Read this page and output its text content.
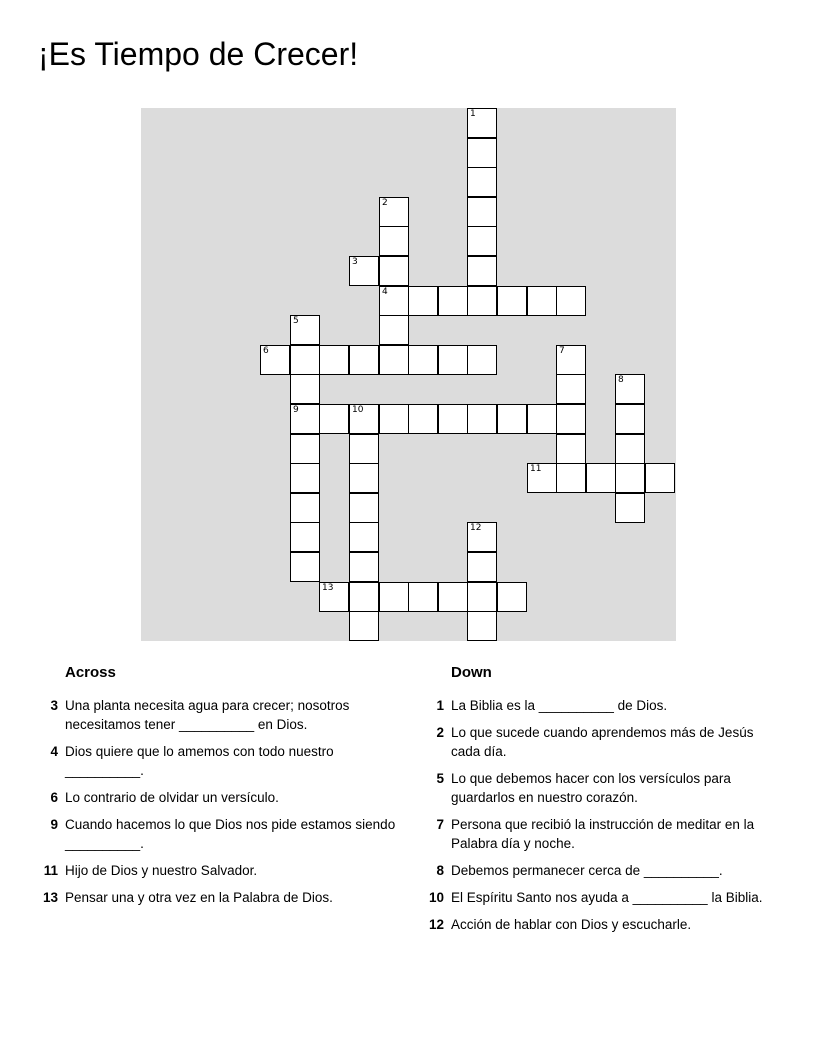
¡Es Tiempo de Crecer!
1
2
4
3
5
9
6	7
8
10
11
12
13
Across
3 Una planta necesita agua para crecer; nosotros necesitamos tener __________ en Dios.
4 Dios quiere que lo amemos con todo nuestro __________.
6 Lo contrario de olvidar un versículo.
9 Cuando hacemos lo que Dios nos pide estamos siendo __________.
11 Hijo de Dios y nuestro Salvador.
13 Pensar una y otra vez en la Palabra de Dios.
Down
1 La Biblia es la __________ de Dios.
2 Lo que sucede cuando aprendemos más de Jesús cada día.
5 Lo que debemos hacer con los versículos para guardarlos en nuestro corazón.
7 Persona que recibió la instrucción de meditar en la Palabra día y noche.
8 Debemos permanecer cerca de __________.
10 El Espíritu Santo nos ayuda a __________ la Biblia.
12 Acción de hablar con Dios y escucharle.
